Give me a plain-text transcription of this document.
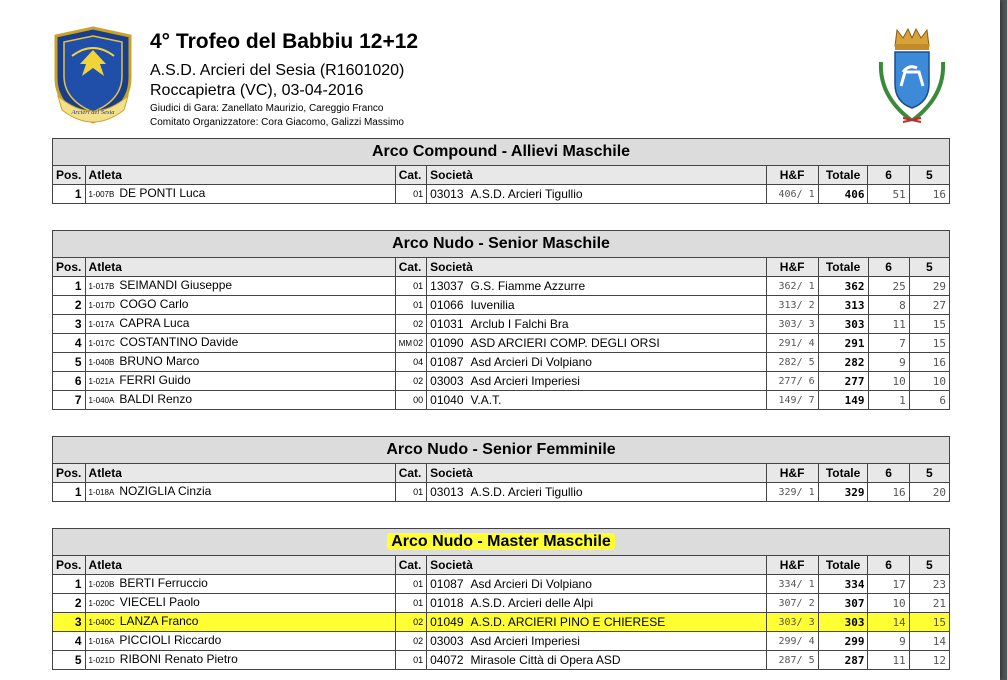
Arcieri del Sesia
4° Trofeo del Babbiu 12+12
A.S.D. Arcieri del Sesia (R1601020)
Roccapietra (VC), 03-04-2016
Giudici di Gara: Zanellato Maurizio, Careggio Franco
Comitato Organizzatore: Cora Giacomo, Galizzi Massimo
Arco Compound - Allievi Maschile							
Pos.	Atleta	Cat.	Società	H&F	Totale	6	5
1	1-007B DE PONTI Luca	01	03013 A.S.D. Arcieri Tigullio	406/ 1	406	51	16
Arco Nudo - Senior Maschile							
Pos.	Atleta	Cat.	Società	H&F	Totale	6	5
1	1-017B SEIMANDI Giuseppe	01	13037 G.S. Fiamme Azzurre	362/ 1	362	25	29
2	1-017D COGO Carlo	01	01066 Iuvenilia	313/ 2	313	8	27
3	1-017A CAPRA Luca	02	01031 Arclub I Falchi Bra	303/ 3	303	11	15
4	1-017C COSTANTINO Davide	MM 02	01090 ASD ARCIERI COMP. DEGLI ORSI	291/ 4	291	7	15
5	1-040B BRUNO Marco	04	01087 Asd Arcieri Di Volpiano	282/ 5	282	9	16
6	1-021A FERRI Guido	02	03003 Asd Arcieri Imperiesi	277/ 6	277	10	10
7	1-040A BALDI Renzo	00	01040 V.A.T.	149/ 7	149	1	6
Arco Nudo - Senior Femminile							
Pos.	Atleta	Cat.	Società	H&F	Totale	6	5
1	1-018A NOZIGLIA Cinzia	01	03013 A.S.D. Arcieri Tigullio	329/ 1	329	16	20
Arco Nudo - Master Maschile							
Pos.	Atleta	Cat.	Società	H&F	Totale	6	5
1	1-020B BERTI Ferruccio	01	01087 Asd Arcieri Di Volpiano	334/ 1	334	17	23
2	1-020C VIECELI Paolo	01	01018 A.S.D. Arcieri delle Alpi	307/ 2	307	10	21
3	1-040C LANZA Franco	02	01049 A.S.D. ARCIERI PINO E CHIERESE	303/ 3	303	14	15
4	1-016A PICCIOLI Riccardo	02	03003 Asd Arcieri Imperiesi	299/ 4	299	9	14
5	1-021D RIBONI Renato Pietro	01	04072 Mirasole Città di Opera ASD	287/ 5	287	11	12
